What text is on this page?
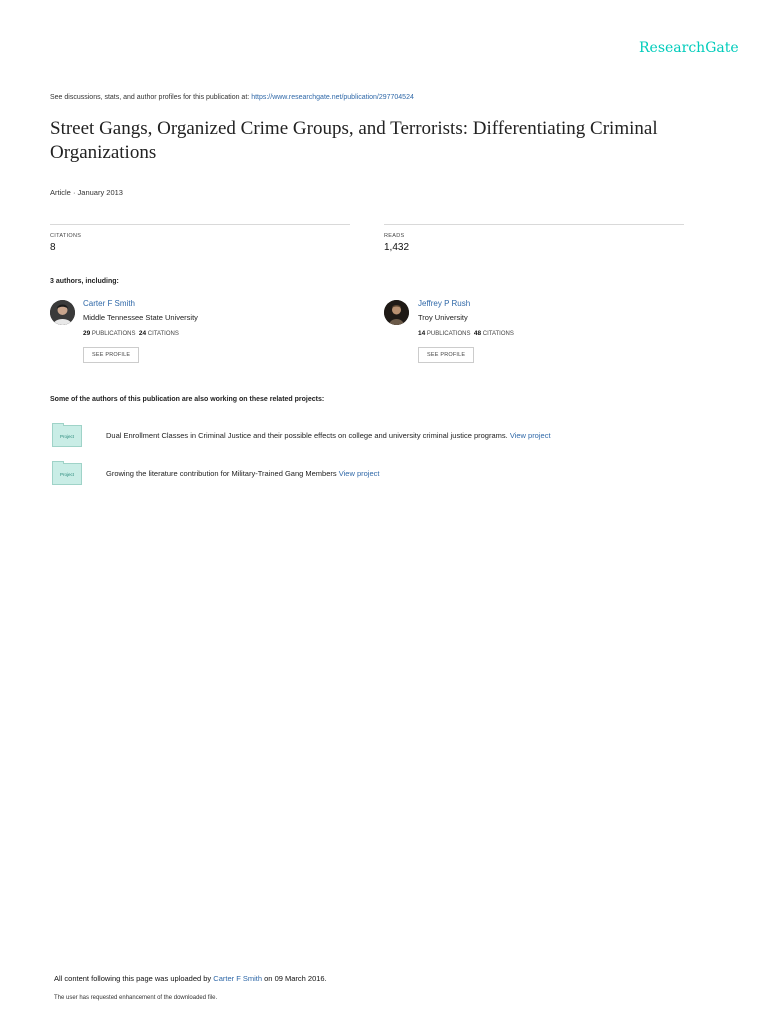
ResearchGate
See discussions, stats, and author profiles for this publication at: https://www.researchgate.net/publication/297704524
Street Gangs, Organized Crime Groups, and Terrorists: Differentiating Criminal Organizations
Article · January 2013
CITATIONS
8
READS
1,432
3 authors, including:
Carter F Smith
Middle Tennessee State University
29 PUBLICATIONS 24 CITATIONS
SEE PROFILE
Jeffrey P Rush
Troy University
14 PUBLICATIONS 48 CITATIONS
SEE PROFILE
Some of the authors of this publication are also working on these related projects:
Project	Dual Enrollment Classes in Criminal Justice and their possible effects on college and university criminal justice programs. View project
Project	Growing the literature contribution for Military-Trained Gang Members View project
All content following this page was uploaded by Carter F Smith on 09 March 2016.
The user has requested enhancement of the downloaded file.
